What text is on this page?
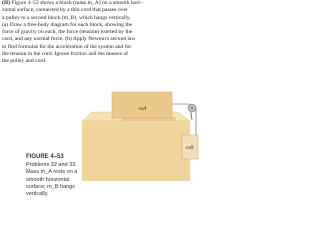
(II) Figure 4–53 shows a block (mass m_A) on a smooth hori-
zontal surface, connected by a thin cord that passes over
a pulley to a second block (m_B), which hangs vertically.
(a) Draw a free-body diagram for each block, showing the
force of gravity on each, the force (tension) exerted by the
cord, and any normal force. (b) Apply Newton's second law
to find formulas for the acceleration of the system and for
the tension in the cord. Ignore friction and the masses of
the pulley and cord.

mA
mB
FIGURE 4–53
Problems 32 and 33.
Mass m_A rests on a
smooth horizontal
surface; m_B hangs
vertically.
